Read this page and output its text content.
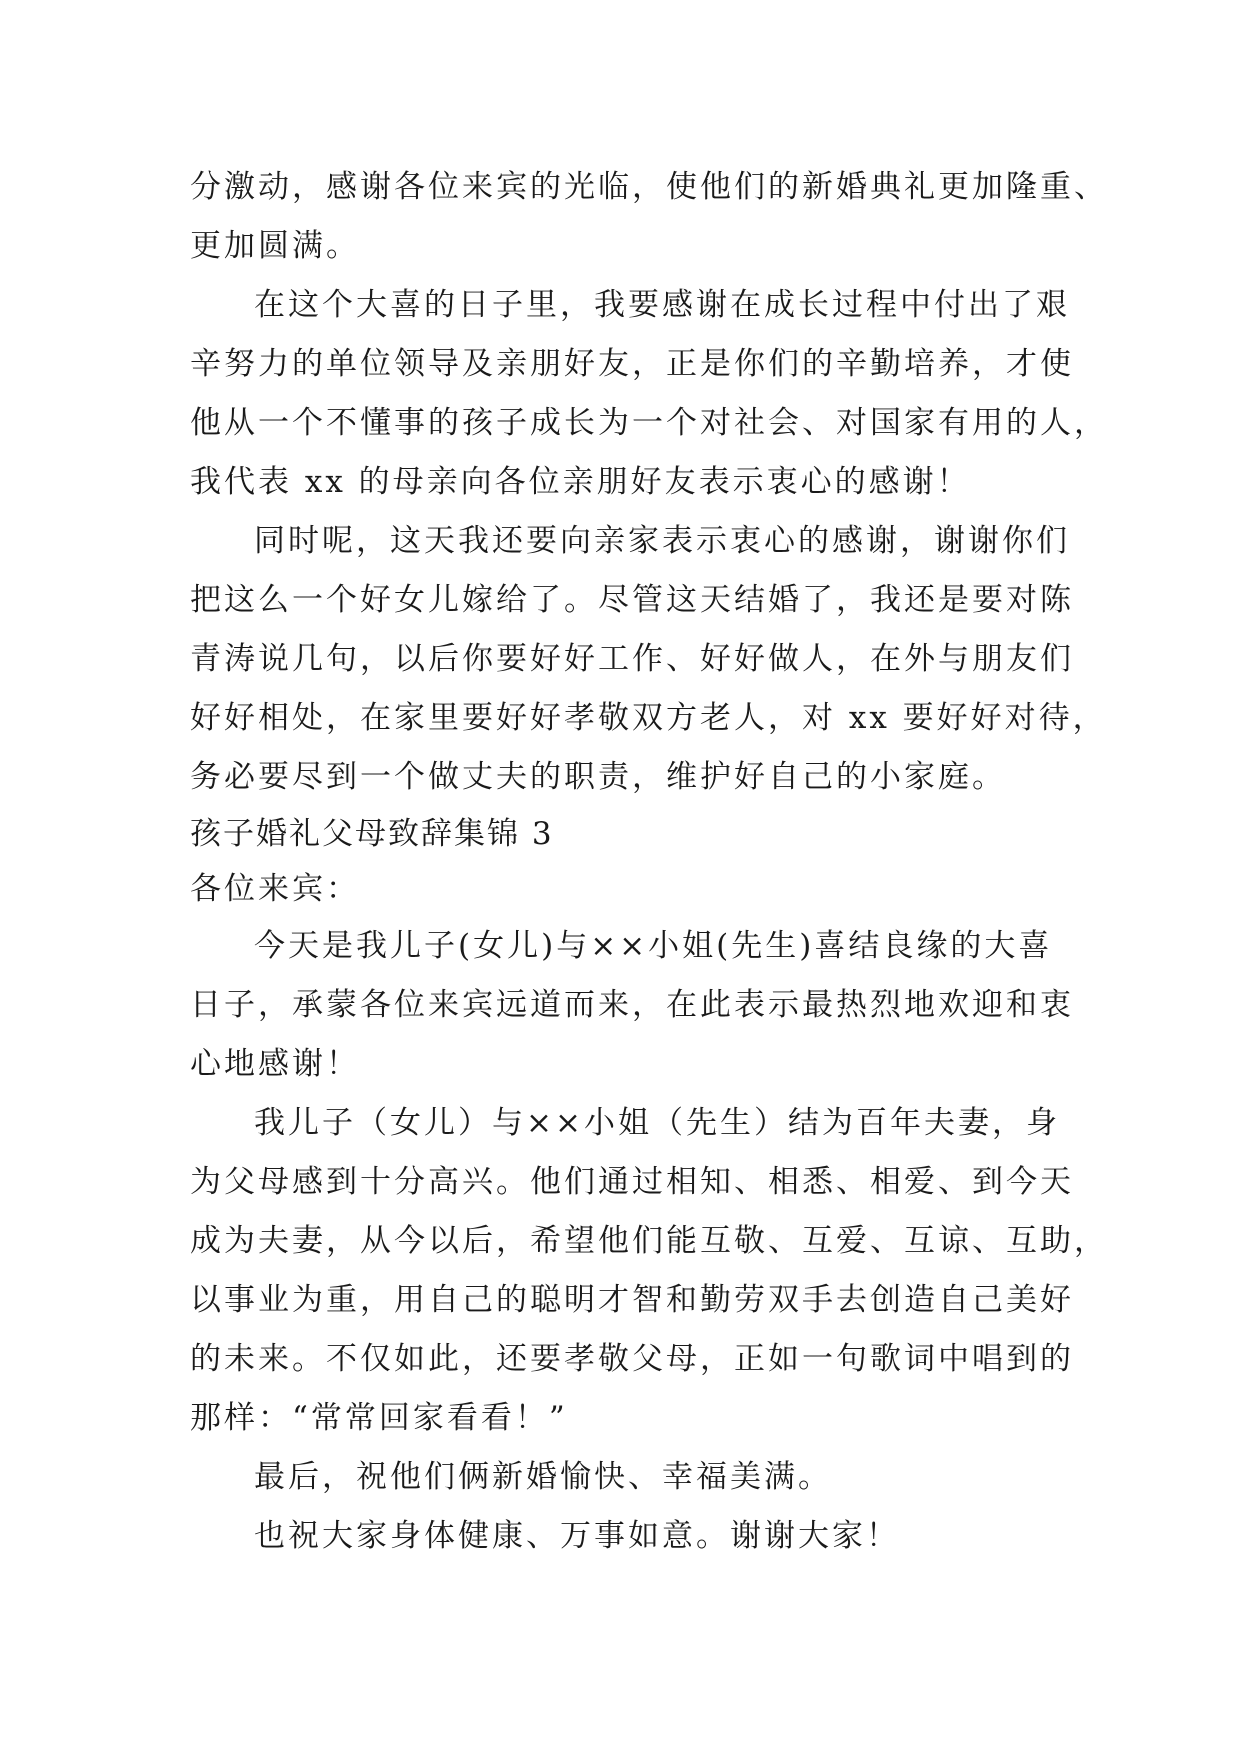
分激动，感谢各位来宾的光临，使他们的新婚典礼更加隆重、
更加圆满。
在这个大喜的日子里，我要感谢在成长过程中付出了艰
辛努力的单位领导及亲朋好友，正是你们的辛勤培养，才使
他从一个不懂事的孩子成长为一个对社会、对国家有用的人，
我代表 xx 的母亲向各位亲朋好友表示衷心的感谢！
同时呢，这天我还要向亲家表示衷心的感谢，谢谢你们
把这么一个好女儿嫁给了。尽管这天结婚了，我还是要对陈
青涛说几句，以后你要好好工作、好好做人，在外与朋友们
好好相处，在家里要好好孝敬双方老人，对 xx 要好好对待，
务必要尽到一个做丈夫的职责，维护好自己的小家庭。
孩子婚礼父母致辞集锦 3
各位来宾：
今天是我儿子(女儿)与××小姐(先生)喜结良缘的大喜
日子，承蒙各位来宾远道而来，在此表示最热烈地欢迎和衷
心地感谢！
我儿子（女儿）与××小姐（先生）结为百年夫妻，身
为父母感到十分高兴。他们通过相知、相悉、相爱、到今天
成为夫妻，从今以后，希望他们能互敬、互爱、互谅、互助，
以事业为重，用自己的聪明才智和勤劳双手去创造自己美好
的未来。不仅如此，还要孝敬父母，正如一句歌词中唱到的
那样：“常常回家看看！”
最后，祝他们俩新婚愉快、幸福美满。
也祝大家身体健康、万事如意。谢谢大家！
